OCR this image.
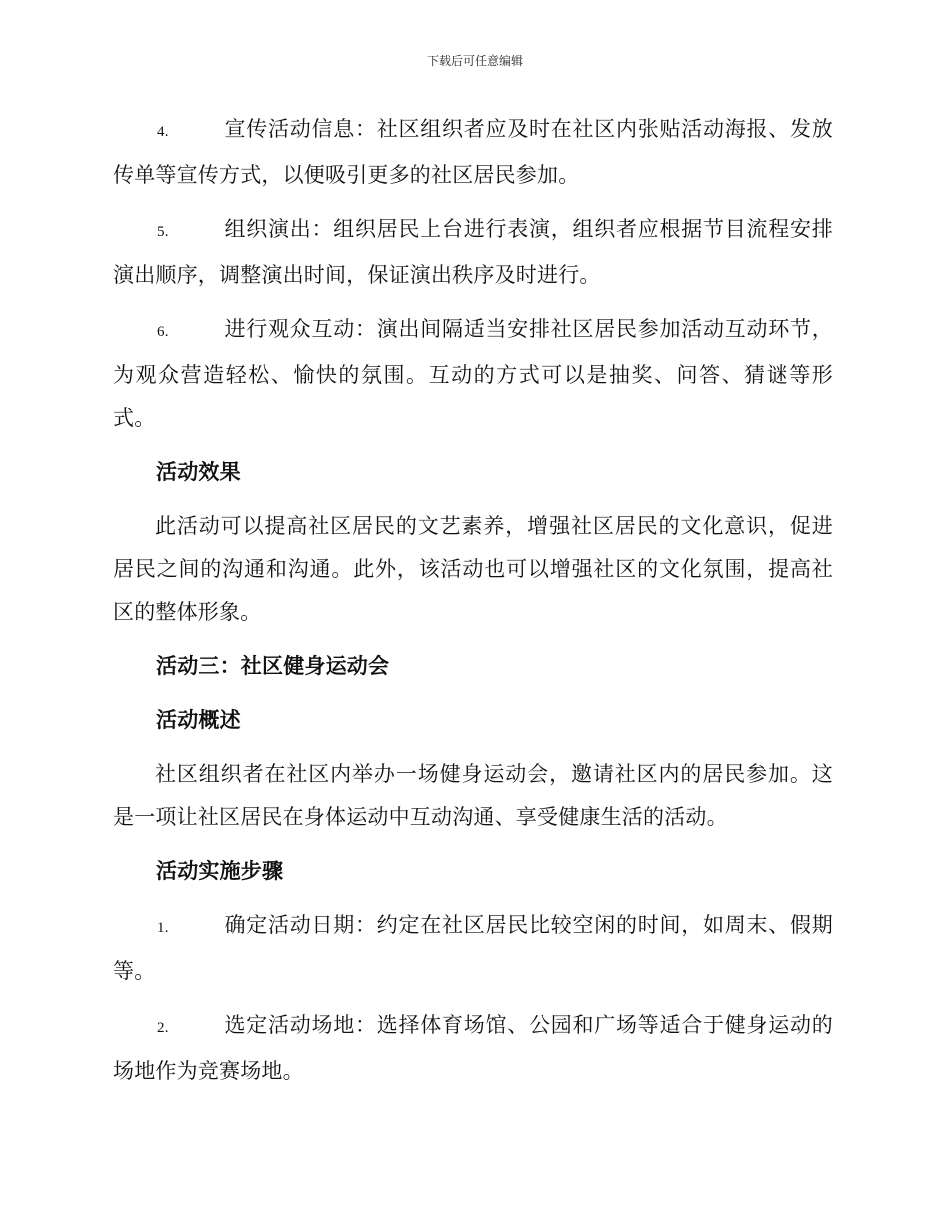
下载后可任意编辑

4.	宣传活动信息：社区组织者应及时在社区内张贴活动海报、发放传单等宣传方式，以便吸引更多的社区居民参加。

5.	组织演出：组织居民上台进行表演，组织者应根据节目流程安排演出顺序，调整演出时间，保证演出秩序及时进行。

6.	进行观众互动：演出间隔适当安排社区居民参加活动互动环节，为观众营造轻松、愉快的氛围。互动的方式可以是抽奖、问答、猜谜等形式。

活动效果

此活动可以提高社区居民的文艺素养，增强社区居民的文化意识，促进居民之间的沟通和沟通。此外，该活动也可以增强社区的文化氛围，提高社区的整体形象。

活动三：社区健身运动会

活动概述

社区组织者在社区内举办一场健身运动会，邀请社区内的居民参加。这是一项让社区居民在身体运动中互动沟通、享受健康生活的活动。

活动实施步骤

1.	确定活动日期：约定在社区居民比较空闲的时间，如周末、假期等。

2.	选定活动场地：选择体育场馆、公园和广场等适合于健身运动的场地作为竞赛场地。
